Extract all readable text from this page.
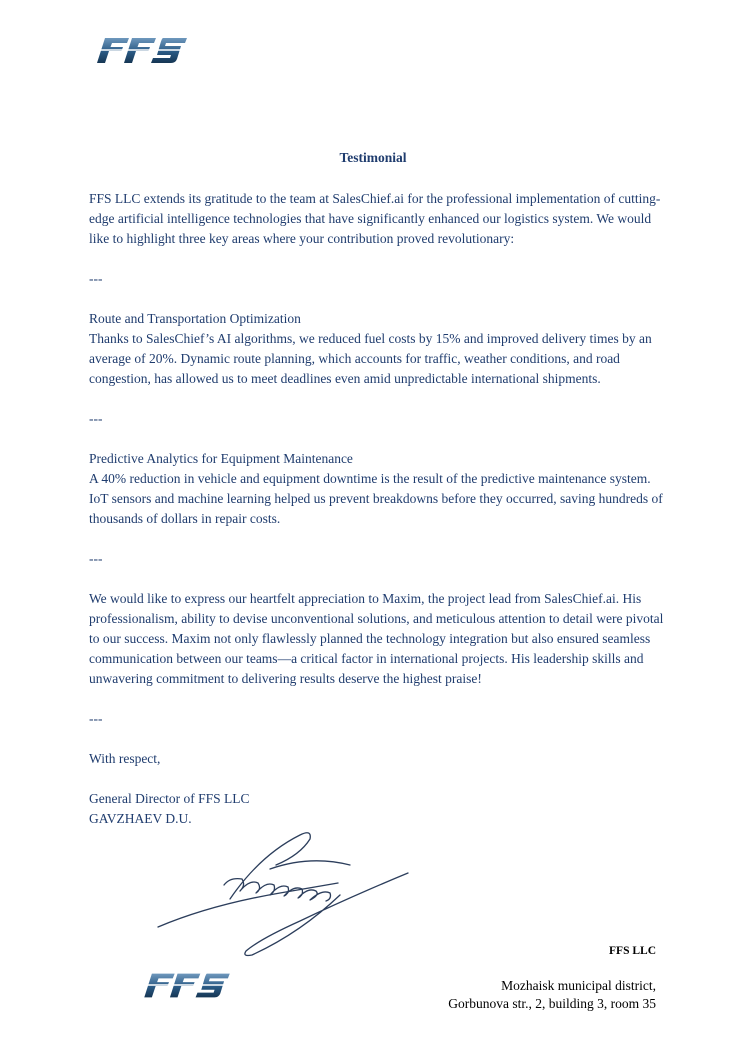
Testimonial

FFS LLC extends its gratitude to the team at SalesChief.ai for the professional implementation of cutting-edge artificial intelligence technologies that have significantly enhanced our logistics system. We would like to highlight three key areas where your contribution proved revolutionary:

---

Route and Transportation Optimization

Thanks to SalesChief’s AI algorithms, we reduced fuel costs by 15% and improved delivery times by an average of 20%. Dynamic route planning, which accounts for traffic, weather conditions, and road congestion, has allowed us to meet deadlines even amid unpredictable international shipments.

---

Predictive Analytics for Equipment Maintenance

A 40% reduction in vehicle and equipment downtime is the result of the predictive maintenance system. IoT sensors and machine learning helped us prevent breakdowns before they occurred, saving hundreds of thousands of dollars in repair costs.

---

We would like to express our heartfelt appreciation to Maxim, the project lead from SalesChief.ai. His professionalism, ability to devise unconventional solutions, and meticulous attention to detail were pivotal to our success. Maxim not only flawlessly planned the technology integration but also ensured seamless communication between our teams—a critical factor in international projects. His leadership skills and unwavering commitment to delivering results deserve the highest praise!

---

With respect,

General Director of FFS LLC

GAVZHAEV D.U.

FFS LLC
Mozhaisk municipal district,
Gorbunova str., 2, building 3, room 35
